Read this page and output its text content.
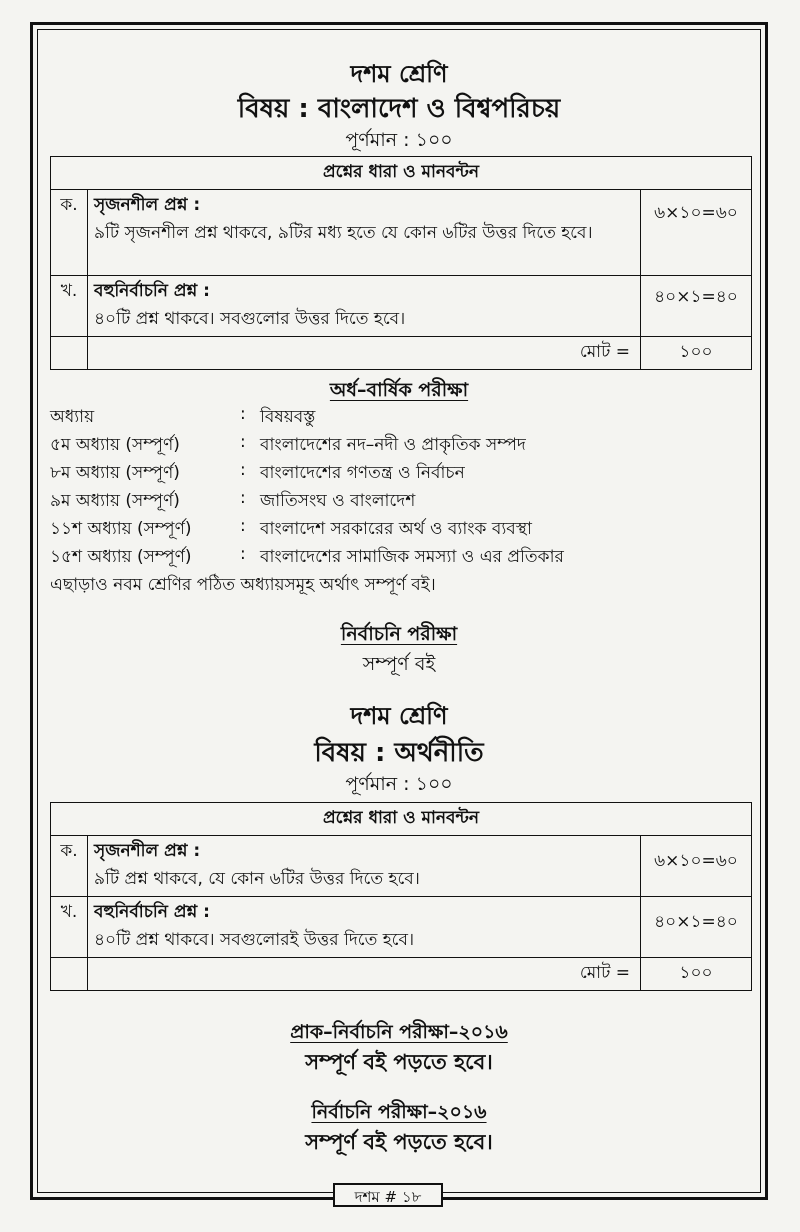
দশম শ্রেণি
বিষয় : বাংলাদেশ ও বিশ্বপরিচয়
পূর্ণমান : ১০০
প্রশ্নের ধারা ও মানবন্টন		
ক.	সৃজনশীল প্রশ্ন :
৯টি সৃজনশীল প্রশ্ন থাকবে, ৯টির মধ্য হতে যে কোন ৬টির উত্তর দিতে হবে।	৬×১০=৬০
খ.	বহুনির্বাচনি প্রশ্ন :
৪০টি প্রশ্ন থাকবে। সবগুলোর উত্তর দিতে হবে।	৪০×১=৪০
	মোট =	১০০
অর্ধ–বার্ষিক পরীক্ষা
অধ্যায়	: বিষয়বস্তু
৫ম অধ্যায় (সম্পূর্ণ)	: বাংলাদেশের নদ–নদী ও প্রাকৃতিক সম্পদ
৮ম অধ্যায় (সম্পূর্ণ)	: বাংলাদেশের গণতন্ত্র ও নির্বাচন
৯ম অধ্যায় (সম্পূর্ণ)	: জাতিসংঘ ও বাংলাদেশ
১১শ অধ্যায় (সম্পূর্ণ)	: বাংলাদেশ সরকারের অর্থ ও ব্যাংক ব্যবস্থা
১৫শ অধ্যায় (সম্পূর্ণ)	: বাংলাদেশের সামাজিক সমস্যা ও এর প্রতিকার
এছাড়াও নবম শ্রেণির পঠিত অধ্যায়সমূহ অর্থাৎ সম্পূর্ণ বই।
নির্বাচনি পরীক্ষা
সম্পূর্ণ বই
দশম শ্রেণি
বিষয় : অর্থনীতি
পূর্ণমান : ১০০
প্রশ্নের ধারা ও মানবন্টন		
ক.	সৃজনশীল প্রশ্ন :
৯টি প্রশ্ন থাকবে, যে কোন ৬টির উত্তর দিতে হবে।	৬×১০=৬০
খ.	বহুনির্বাচনি প্রশ্ন :
৪০টি প্রশ্ন থাকবে। সবগুলোরই উত্তর দিতে হবে।	৪০×১=৪০
	মোট =	১০০
প্রাক–নির্বাচনি পরীক্ষা–২০১৬
সম্পূর্ণ বই পড়তে হবে।
নির্বাচনি পরীক্ষা–২০১৬
সম্পূর্ণ বই পড়তে হবে।
দশম # ১৮
